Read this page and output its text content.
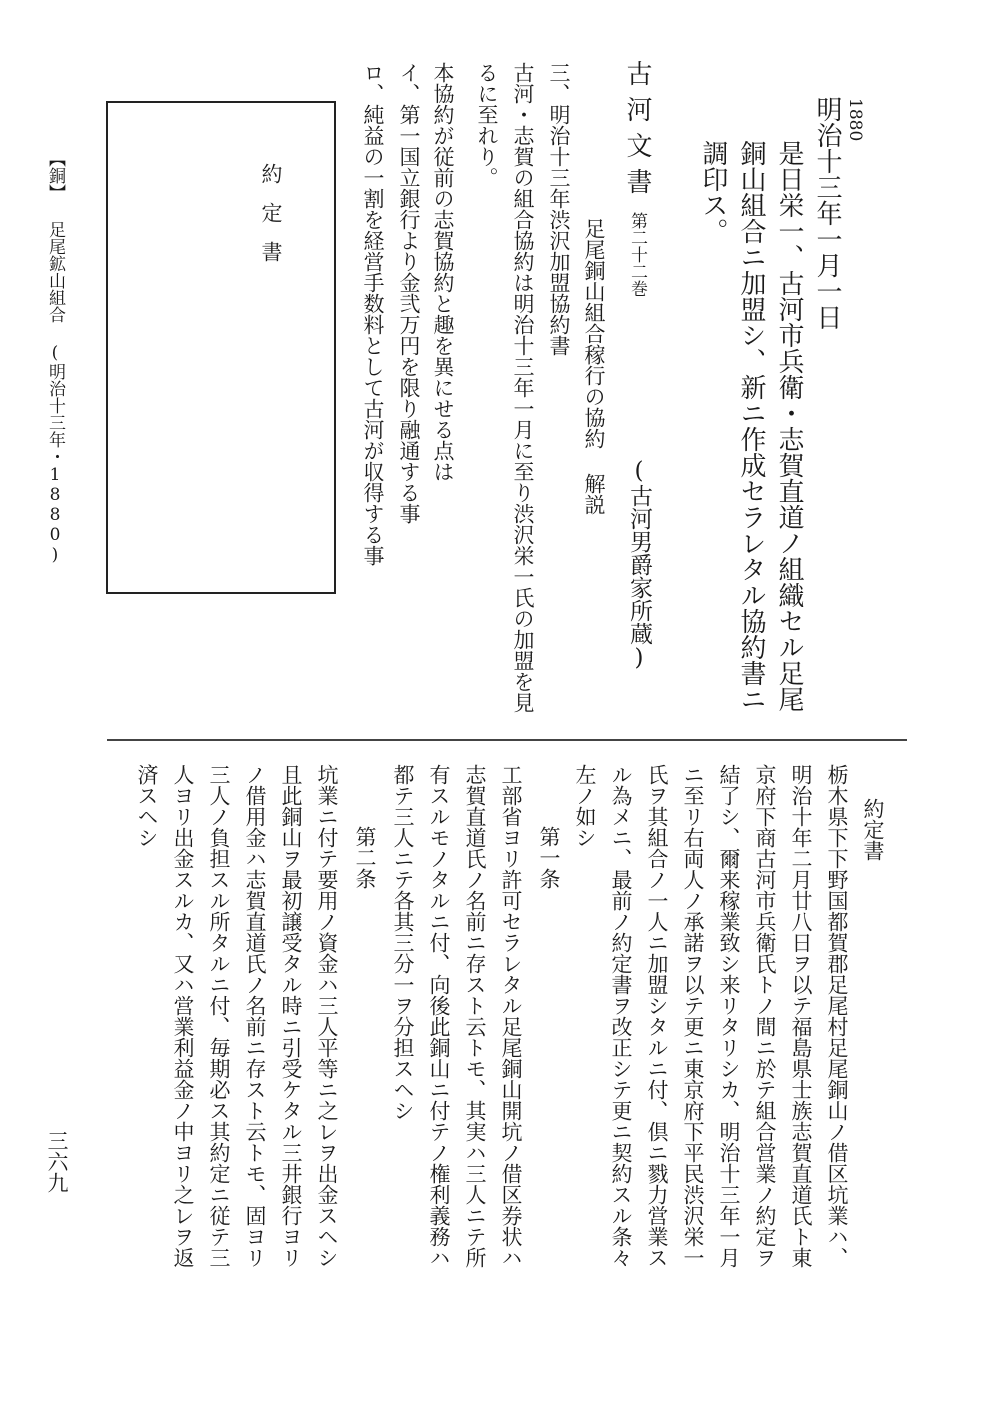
1880
明治十三年一月一日
是日栄一、古河市兵衛・志賀直道ノ組織セル足尾
銅山組合ニ加盟シ、新ニ作成セラレタル協約書ニ
調印ス。
古河文書
第二十二巻
(古河男爵家所蔵)
足尾銅山組合稼行の協約 解説
三、明治十三年渋沢加盟協約書
古河・志賀の組合協約は明治十三年一月に至り渋沢栄一氏の加盟を見
るに至れり。
本協約が従前の志賀協約と趣を異にせる点は
イ、第一国立銀行より金弐万円を限り融通する事
ロ、純益の一割を経営手数料として古河が収得する事
約定書
【銅】 足尾鉱山組合 (明治十三年・1880)
約定書
栃木県下下野国都賀郡足尾村足尾銅山ノ借区坑業ハ、
明治十年二月廿八日ヲ以テ福島県士族志賀直道氏ト東
京府下商古河市兵衛氏トノ間ニ於テ組合営業ノ約定ヲ
結了シ、爾来稼業致シ来リタリシカ、明治十三年一月
ニ至リ右両人ノ承諾ヲ以テ更ニ東京府下平民渋沢栄一
氏ヲ其組合ノ一人ニ加盟シタルニ付、倶ニ戮力営業ス
ル為メニ、最前ノ約定書ヲ改正シテ更ニ契約スル条々
左ノ如シ
第一条
工部省ヨリ許可セラレタル足尾銅山開坑ノ借区券状ハ
志賀直道氏ノ名前ニ存スト云トモ、其実ハ三人ニテ所
有スルモノタルニ付、向後此銅山ニ付テノ権利義務ハ
都テ三人ニテ各其三分一ヲ分担スヘシ
第二条
坑業ニ付テ要用ノ資金ハ三人平等ニ之レヲ出金スヘシ
且此銅山ヲ最初譲受タル時ニ引受ケタル三井銀行ヨリ
ノ借用金ハ志賀直道氏ノ名前ニ存スト云トモ、固ヨリ
三人ノ負担スル所タルニ付、毎期必ス其約定ニ従テ三
人ヨリ出金スルカ、又ハ営業利益金ノ中ヨリ之レヲ返
済スヘシ
三六九
